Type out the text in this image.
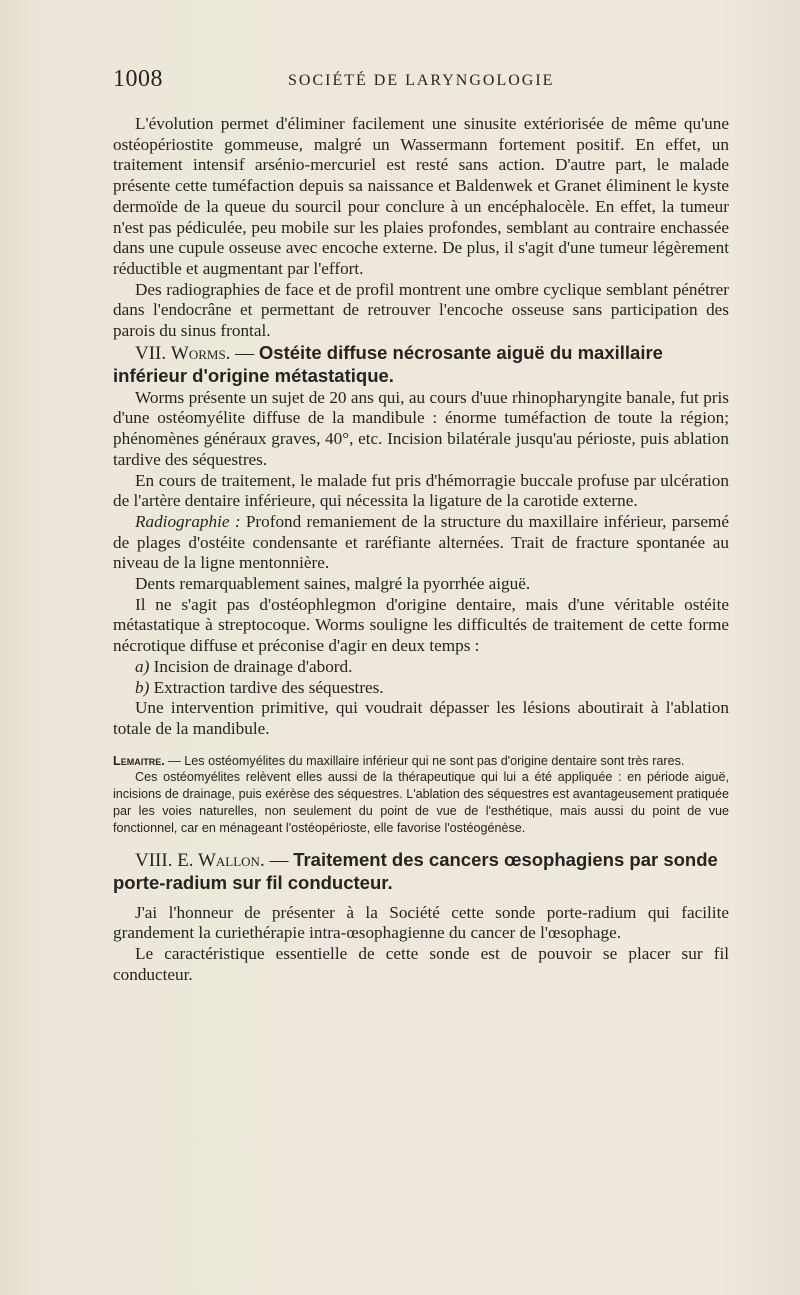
1008	SOCIÉTÉ DE LARYNGOLOGIE

L'évolution permet d'éliminer facilement une sinusite extériorisée de même qu'une ostéopériostite gommeuse, malgré un Wassermann fortement positif. En effet, un traitement intensif arsénio-mercuriel est resté sans action. D'autre part, le malade présente cette tuméfaction depuis sa naissance et Baldenwek et Granet éliminent le kyste dermoïde de la queue du sourcil pour conclure à un encéphalocèle. En effet, la tumeur n'est pas pédiculée, peu mobile sur les plaies profondes, semblant au contraire enchassée dans une cupule osseuse avec encoche externe. De plus, il s'agit d'une tumeur légèrement réductible et augmentant par l'effort.

Des radiographies de face et de profil montrent une ombre cyclique semblant pénétrer dans l'endocrâne et permettant de retrouver l'encoche osseuse sans participation des parois du sinus frontal.

VII. Worms. — Ostéite diffuse nécrosante aiguë du maxillaire inférieur d'origine métastatique.

Worms présente un sujet de 20 ans qui, au cours d'uue rhinopharyngite banale, fut pris d'une ostéomyélite diffuse de la mandibule : énorme tuméfaction de toute la région; phénomènes généraux graves, 40°, etc. Incision bilatérale jusqu'au périoste, puis ablation tardive des séquestres.

En cours de traitement, le malade fut pris d'hémorragie buccale profuse par ulcération de l'artère dentaire inférieure, qui nécessita la ligature de la carotide externe.

Radiographie : Profond remaniement de la structure du maxillaire inférieur, parsemé de plages d'ostéite condensante et raréfiante alternées. Trait de fracture spontanée au niveau de la ligne mentonnière.

Dents remarquablement saines, malgré la pyorrhée aiguë.

Il ne s'agit pas d'ostéophlegmon d'origine dentaire, mais d'une véritable ostéite métastatique à streptocoque. Worms souligne les difficultés de traitement de cette forme nécrotique diffuse et préconise d'agir en deux temps :

a) Incision de drainage d'abord.

b) Extraction tardive des séquestres.

Une intervention primitive, qui voudrait dépasser les lésions aboutirait à l'ablation totale de la mandibule.

Lemaitre. — Les ostéomyélites du maxillaire inférieur qui ne sont pas d'origine dentaire sont très rares.

Ces ostéomyélites relèvent elles aussi de la thérapeutique qui lui a été appliquée : en période aiguë, incisions de drainage, puis exérèse des séquestres. L'ablation des séquestres est avantageusement pratiquée par les voies naturelles, non seulement du point de vue de l'esthétique, mais aussi du point de vue fonctionnel, car en ménageant l'ostéopérioste, elle favorise l'ostéogénèse.

VIII. E. Wallon. — Traitement des cancers œsophagiens par sonde porte-radium sur fil conducteur.

J'ai l'honneur de présenter à la Société cette sonde porte-radium qui facilite grandement la curiethérapie intra-œsophagienne du cancer de l'œsophage.

Le caractéristique essentielle de cette sonde est de pouvoir se placer sur fil conducteur.
